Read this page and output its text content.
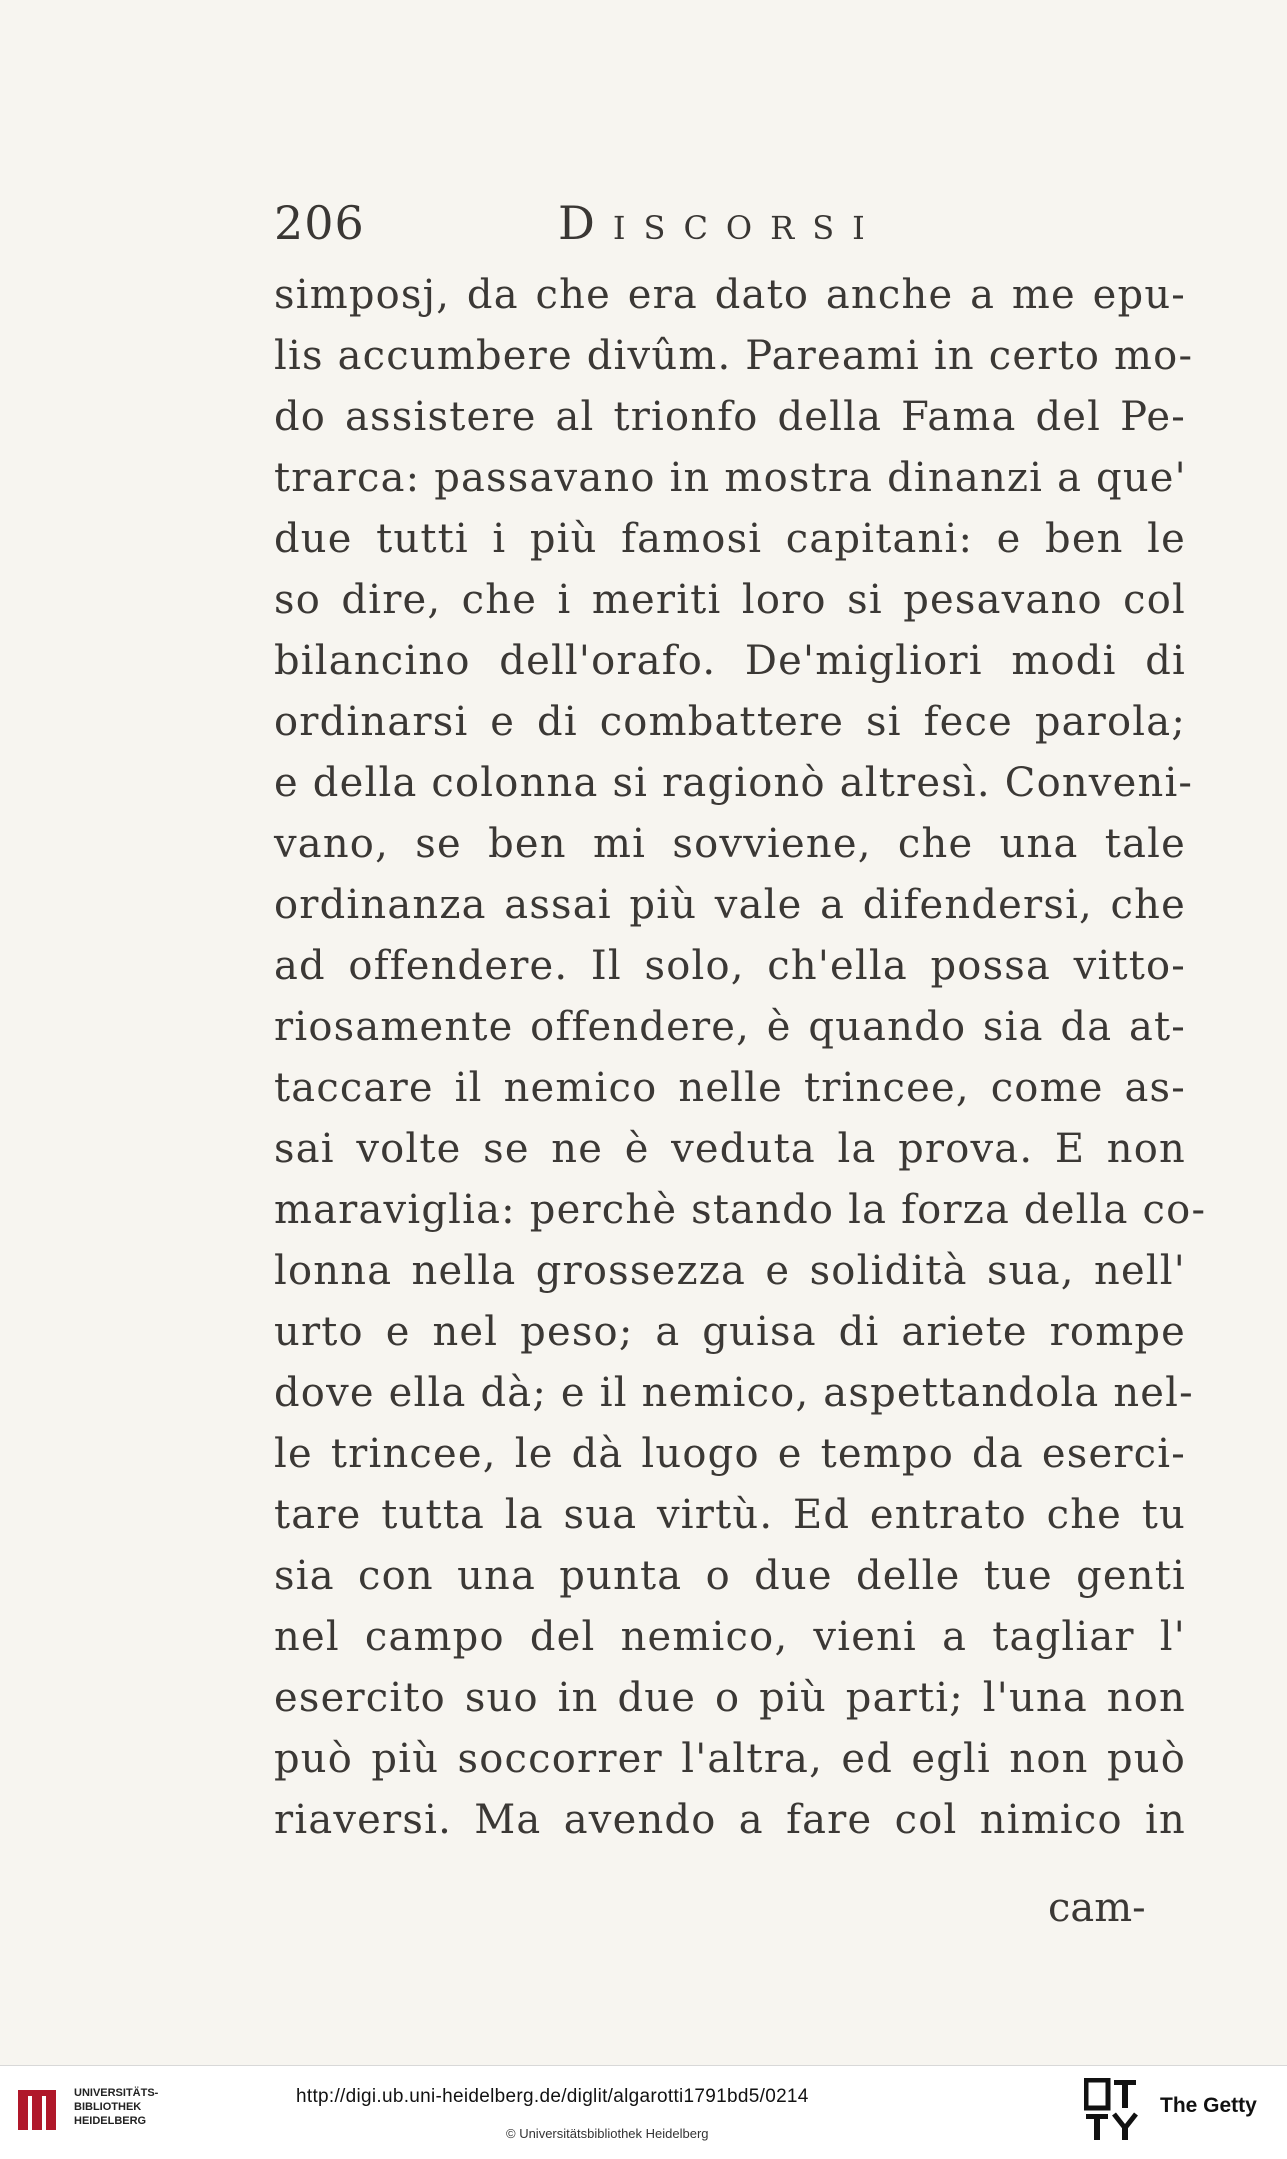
206	Discorsi
simposj, da che era dato anche a me epu-
lis accumbere divûm. Pareami in certo mo-
do assistere al trionfo della Fama del Pe-
trarca: passavano in mostra dinanzi a que'
due tutti i più famosi capitani: e ben le
so dire, che i meriti loro si pesavano col
bilancino dell'orafo. De'migliori modi di
ordinarsi e di combattere si fece parola;
e della colonna si ragionò altresì. Conveni-
vano, se ben mi sovviene, che una tale
ordinanza assai più vale a difendersi, che
ad offendere. Il solo, ch'ella possa vitto-
riosamente offendere, è quando sia da at-
taccare il nemico nelle trincee, come as-
sai volte se ne è veduta la prova. E non
maraviglia: perchè stando la forza della co-
lonna nella grossezza e solidità sua, nell'
urto e nel peso; a guisa di ariete rompe
dove ella dà; e il nemico, aspettandola nel-
le trincee, le dà luogo e tempo da eserci-
tare tutta la sua virtù. Ed entrato che tu
sia con una punta o due delle tue genti
nel campo del nemico, vieni a tagliar l'
esercito suo in due o più parti; l'una non
può più soccorrer l'altra, ed egli non può
riaversi. Ma avendo a fare col nimico in
cam-
UNIVERSITÄTS-
BIBLIOTHEK
HEIDELBERG
http://digi.ub.uni-heidelberg.de/diglit/algarotti1791bd5/0214
© Universitätsbibliothek Heidelberg
The Getty
